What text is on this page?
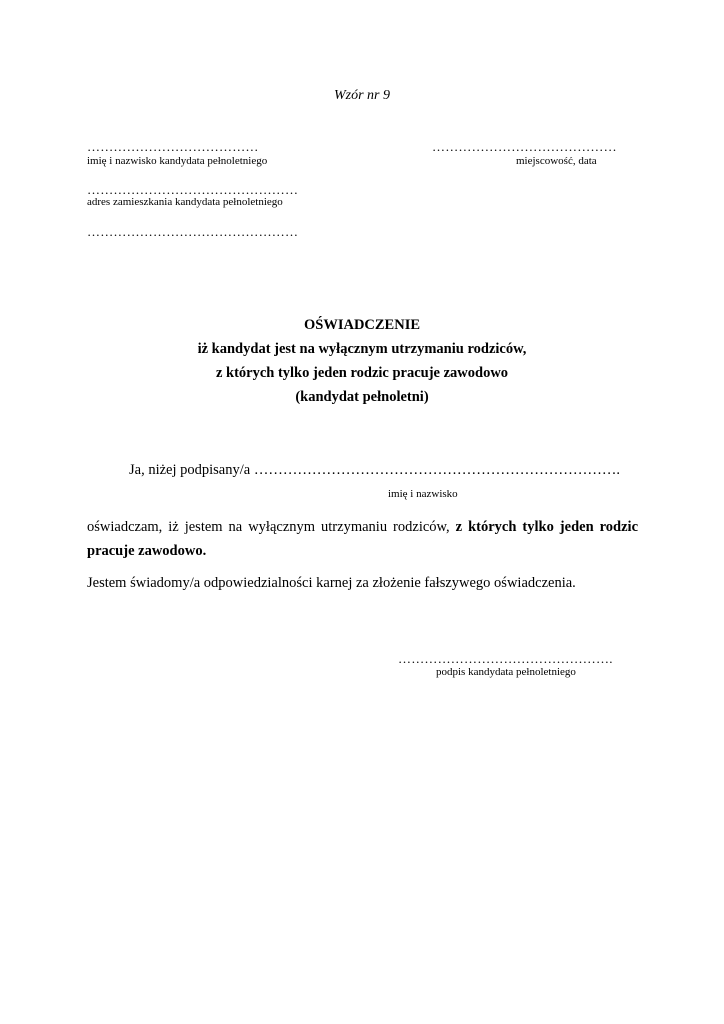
Wzór nr 9
…………………………………
imię i nazwisko kandydata pełnoletniego
……………………………………
miejscowość, data
…………………………………………
adres zamieszkania kandydata pełnoletniego
…………………………………………
OŚWIADCZENIE
iż kandydat jest na wyłącznym utrzymaniu rodziców,
z których tylko jeden rodzic pracuje zawodowo
(kandydat pełnoletni)
Ja, niżej podpisany/a ………………………………………………………………….
imię i nazwisko
oświadczam, iż jestem na wyłącznym utrzymaniu rodziców, z których tylko jeden rodzic pracuje zawodowo.
Jestem świadomy/a odpowiedzialności karnej za złożenie fałszywego oświadczenia.
………………………………………….
podpis kandydata pełnoletniego
